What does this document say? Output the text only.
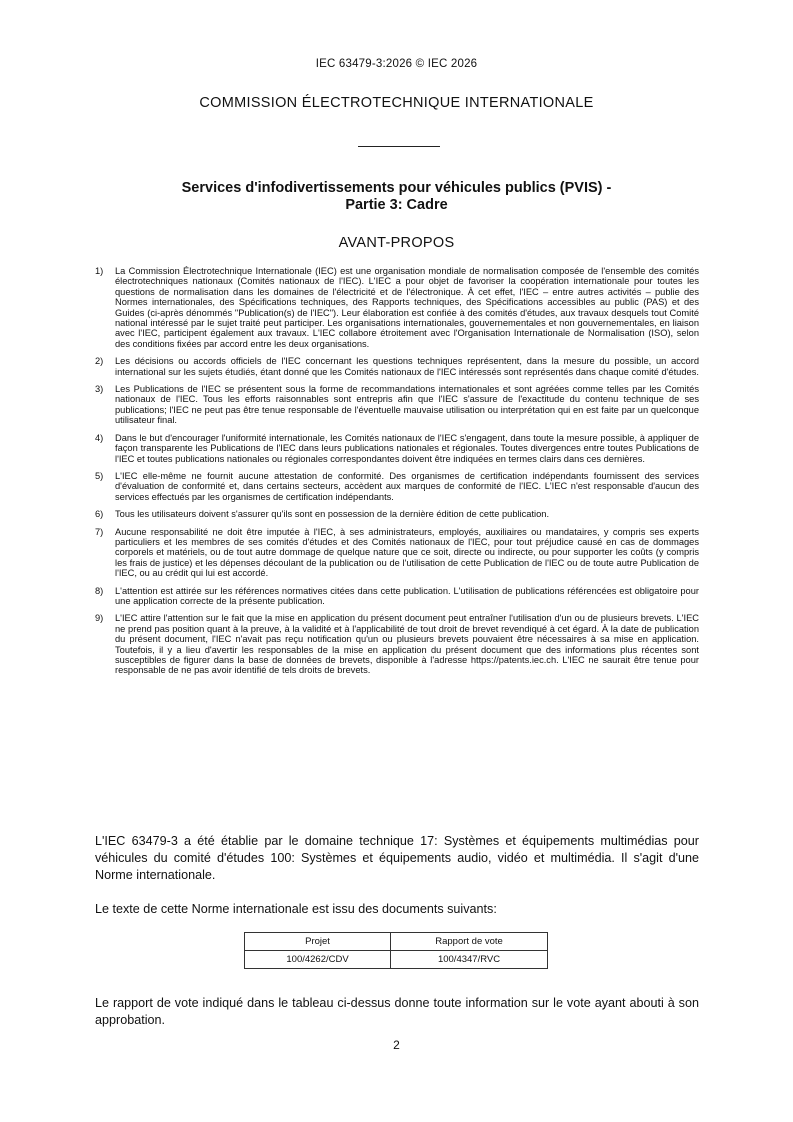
IEC 63479-3:2026 © IEC 2026
COMMISSION ÉLECTROTECHNIQUE INTERNATIONALE
Services d'infodivertissements pour véhicules publics (PVIS) -
Partie 3: Cadre
AVANT-PROPOS
1)	La Commission Électrotechnique Internationale (IEC) est une organisation mondiale de normalisation composée de l'ensemble des comités électrotechniques nationaux (Comités nationaux de l'IEC). L'IEC a pour objet de favoriser la coopération internationale pour toutes les questions de normalisation dans les domaines de l'électricité et de l'électronique. À cet effet, l'IEC – entre autres activités – publie des Normes internationales, des Spécifications techniques, des Rapports techniques, des Spécifications accessibles au public (PAS) et des Guides (ci-après dénommés "Publication(s) de l'IEC"). Leur élaboration est confiée à des comités d'études, aux travaux desquels tout Comité national intéressé par le sujet traité peut participer. Les organisations internationales, gouvernementales et non gouvernementales, en liaison avec l'IEC, participent également aux travaux. L'IEC collabore étroitement avec l'Organisation Internationale de Normalisation (ISO), selon des conditions fixées par accord entre les deux organisations.
2)	Les décisions ou accords officiels de l'IEC concernant les questions techniques représentent, dans la mesure du possible, un accord international sur les sujets étudiés, étant donné que les Comités nationaux de l'IEC intéressés sont représentés dans chaque comité d'études.
3)	Les Publications de l'IEC se présentent sous la forme de recommandations internationales et sont agréées comme telles par les Comités nationaux de l'IEC. Tous les efforts raisonnables sont entrepris afin que l'IEC s'assure de l'exactitude du contenu technique de ses publications; l'IEC ne peut pas être tenue responsable de l'éventuelle mauvaise utilisation ou interprétation qui en est faite par un quelconque utilisateur final.
4)	Dans le but d'encourager l'uniformité internationale, les Comités nationaux de l'IEC s'engagent, dans toute la mesure possible, à appliquer de façon transparente les Publications de l'IEC dans leurs publications nationales et régionales. Toutes divergences entre toutes Publications de l'IEC et toutes publications nationales ou régionales correspondantes doivent être indiquées en termes clairs dans ces dernières.
5)	L'IEC elle-même ne fournit aucune attestation de conformité. Des organismes de certification indépendants fournissent des services d'évaluation de conformité et, dans certains secteurs, accèdent aux marques de conformité de l'IEC. L'IEC n'est responsable d'aucun des services effectués par les organismes de certification indépendants.
6)	Tous les utilisateurs doivent s'assurer qu'ils sont en possession de la dernière édition de cette publication.
7)	Aucune responsabilité ne doit être imputée à l'IEC, à ses administrateurs, employés, auxiliaires ou mandataires, y compris ses experts particuliers et les membres de ses comités d'études et des Comités nationaux de l'IEC, pour tout préjudice causé en cas de dommages corporels et matériels, ou de tout autre dommage de quelque nature que ce soit, directe ou indirecte, ou pour supporter les coûts (y compris les frais de justice) et les dépenses découlant de la publication ou de l'utilisation de cette Publication de l'IEC ou de toute autre Publication de l'IEC, ou au crédit qui lui est accordé.
8)	L'attention est attirée sur les références normatives citées dans cette publication. L'utilisation de publications référencées est obligatoire pour une application correcte de la présente publication.
9)	L'IEC attire l'attention sur le fait que la mise en application du présent document peut entraîner l'utilisation d'un ou de plusieurs brevets. L'IEC ne prend pas position quant à la preuve, à la validité et à l'applicabilité de tout droit de brevet revendiqué à cet égard. À la date de publication du présent document, l'IEC n'avait pas reçu notification qu'un ou plusieurs brevets pouvaient être nécessaires à sa mise en application. Toutefois, il y a lieu d'avertir les responsables de la mise en application du présent document que des informations plus récentes sont susceptibles de figurer dans la base de données de brevets, disponible à l'adresse https://patents.iec.ch. L'IEC ne saurait être tenue pour responsable de ne pas avoir identifié de tels droits de brevets.
L'IEC 63479-3 a été établie par le domaine technique 17: Systèmes et équipements multimédias pour véhicules du comité d'études 100: Systèmes et équipements audio, vidéo et multimédia. Il s'agit d'une Norme internationale.
Le texte de cette Norme internationale est issu des documents suivants:
Projet	Rapport de vote
100/4262/CDV	100/4347/RVC
Le rapport de vote indiqué dans le tableau ci-dessus donne toute information sur le vote ayant abouti à son approbation.
2
